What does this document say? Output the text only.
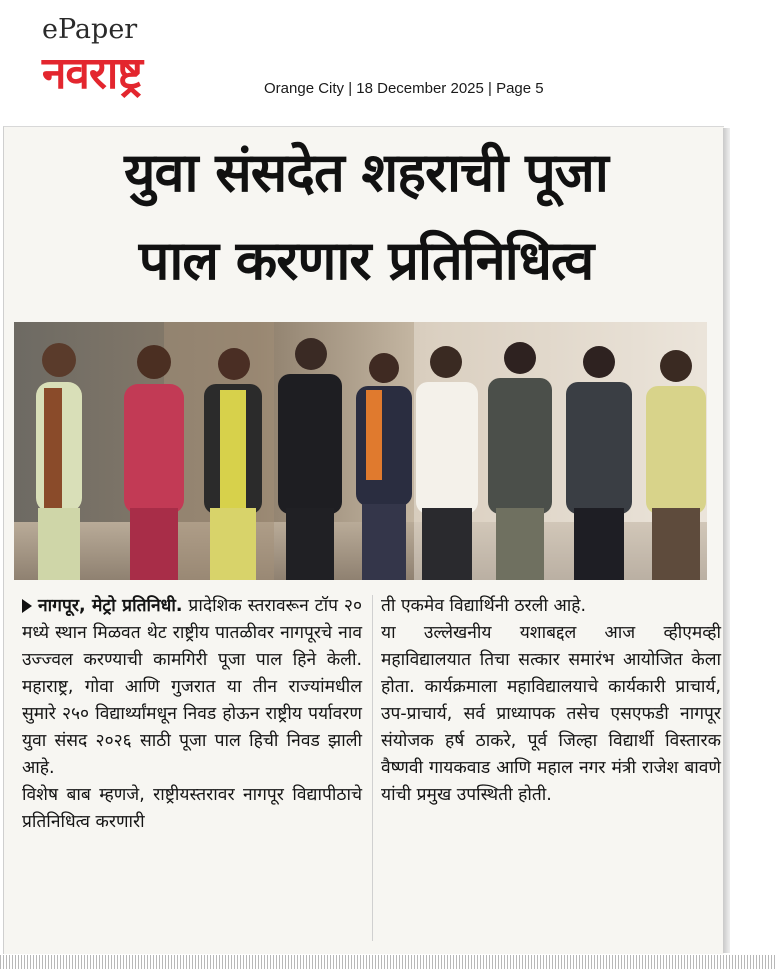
ePaper
नवराष्ट्र	Orange City | 18 December 2025 | Page 5
युवा संसदेत शहराची पूजा
पाल करणार प्रतिनिधित्व

नागपूर, मेट्रो प्रतिनिधी. प्रादेशिक स्तरावरून टॉप २० मध्ये स्थान मिळवत थेट राष्ट्रीय पातळीवर नागपूरचे नाव उज्ज्वल करण्याची कामगिरी पूजा पाल हिने केली. महाराष्ट्र, गोवा आणि गुजरात या तीन राज्यांमधील सुमारे २५० विद्यार्थ्यांमधून निवड होऊन राष्ट्रीय पर्यावरण युवा संसद २०२६ साठी पूजा पाल हिची निवड झाली आहे.

विशेष बाब म्हणजे, राष्ट्रीयस्तरावर नागपूर विद्यापीठाचे प्रतिनिधित्व करणारी

ती एकमेव विद्यार्थिनी ठरली आहे.

या उल्लेखनीय यशाबद्दल आज व्हीएमव्ही महाविद्यालयात तिचा सत्कार समारंभ आयोजित केला होता. कार्यक्रमाला महाविद्यालयाचे कार्यकारी प्राचार्य, उप-प्राचार्य, सर्व प्राध्यापक तसेच एसएफडी नागपूर संयोजक हर्ष ठाकरे, पूर्व जिल्हा विद्यार्थी विस्तारक वैष्णवी गायकवाड आणि महाल नगर मंत्री राजेश बावणे यांची प्रमुख उपस्थिती होती.
